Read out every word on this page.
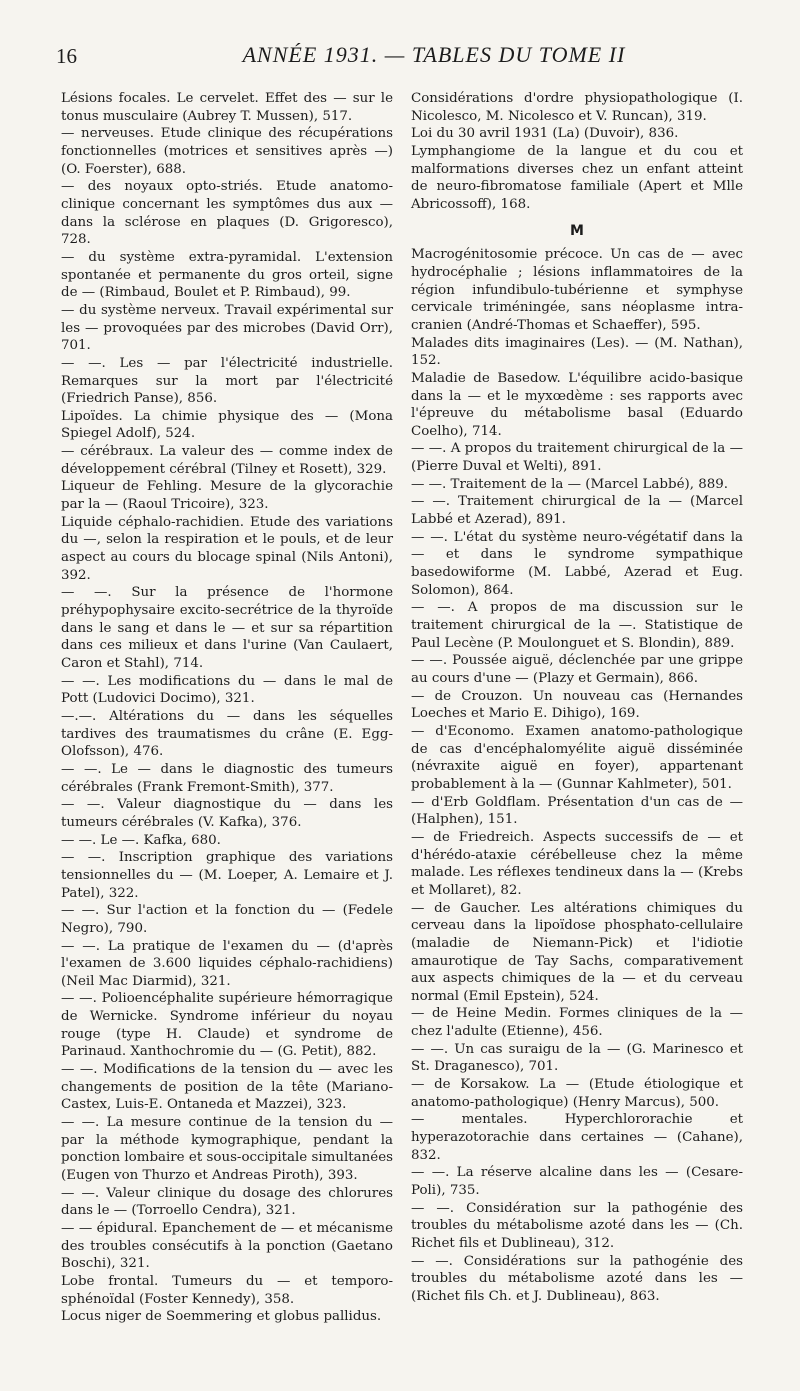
16	ANNÉE 1931. — TABLES DU TOME II

Lésions focales. Le cervelet. Effet des — sur le tonus musculaire (Aubrey T. Mussen), 517.

— nerveuses. Etude clinique des récupérations fonctionnelles (motrices et sensitives après —) (O. Foerster), 688.

— des noyaux opto-striés. Etude anatomo-clinique concernant les symptômes dus aux — dans la sclérose en plaques (D. Grigoresco), 728.

— du système extra-pyramidal. L'extension spontanée et permanente du gros orteil, signe de — (Rimbaud, Boulet et P. Rimbaud), 99.

— du système nerveux. Travail expérimental sur les — provoquées par des microbes (David Orr), 701.

— —. Les — par l'électricité industrielle. Remarques sur la mort par l'électricité (Friedrich Panse), 856.

Lipoïdes. La chimie physique des — (Mona Spiegel Adolf), 524.

— cérébraux. La valeur des — comme index de développement cérébral (Tilney et Rosett), 329.

Liqueur de Fehling. Mesure de la glycorachie par la — (Raoul Tricoire), 323.

Liquide céphalo-rachidien. Etude des variations du —, selon la respiration et le pouls, et de leur aspect au cours du blocage spinal (Nils Antoni), 392.

— —. Sur la présence de l'hormone préhypophysaire excito-secrétrice de la thyroïde dans le sang et dans le — et sur sa répartition dans ces milieux et dans l'urine (Van Caulaert, Caron et Stahl), 714.

— —. Les modifications du — dans le mal de Pott (Ludovici Docimo), 321.

—.—. Altérations du — dans les séquelles tardives des traumatismes du crâne (E. Egg-Olofsson), 476.

— —. Le — dans le diagnostic des tumeurs cérébrales (Frank Fremont-Smith), 377.

— —. Valeur diagnostique du — dans les tumeurs cérébrales (V. Kafka), 376.

— —. Le —. Kafka, 680.

— —. Inscription graphique des variations tensionnelles du — (M. Loeper, A. Lemaire et J. Patel), 322.

— —. Sur l'action et la fonction du — (Fedele Negro), 790.

— —. La pratique de l'examen du — (d'après l'examen de 3.600 liquides céphalo-rachidiens) (Neil Mac Diarmid), 321.

— —. Polioencéphalite supérieure hémorragique de Wernicke. Syndrome inférieur du noyau rouge (type H. Claude) et syndrome de Parinaud. Xanthochromie du — (G. Petit), 882.

— —. Modifications de la tension du — avec les changements de position de la tête (Mariano-Castex, Luis-E. Ontaneda et Mazzei), 323.

— —. La mesure continue de la tension du — par la méthode kymographique, pendant la ponction lombaire et sous-occipitale simultanées (Eugen von Thurzo et Andreas Piroth), 393.

— —. Valeur clinique du dosage des chlorures dans le — (Torroello Cendra), 321.

— — épidural. Epanchement de — et mécanisme des troubles consécutifs à la ponction (Gaetano Boschi), 321.

Lobe frontal. Tumeurs du — et temporo-sphénoïdal (Foster Kennedy), 358.

Locus niger de Soemmering et globus pallidus.

Considérations d'ordre physiopathologique (I. Nicolesco, M. Nicolesco et V. Runcan), 319.

Loi du 30 avril 1931 (La) (Duvoir), 836.

Lymphangiome de la langue et du cou et malformations diverses chez un enfant atteint de neuro-fibromatose familiale (Apert et Mlle Abricossoff), 168.

M

Macrogénitosomie précoce. Un cas de — avec hydrocéphalie ; lésions inflammatoires de la région infundibulo-tubérienne et symphyse cervicale triméningée, sans néoplasme intra-cranien (André-Thomas et Schaeffer), 595.

Malades dits imaginaires (Les). — (M. Nathan), 152.

Maladie de Basedow. L'équilibre acido-basique dans la — et le myxœdème : ses rapports avec l'épreuve du métabolisme basal (Eduardo Coelho), 714.

— —. A propos du traitement chirurgical de la — (Pierre Duval et Welti), 891.

— —. Traitement de la — (Marcel Labbé), 889.

— —. Traitement chirurgical de la — (Marcel Labbé et Azerad), 891.

— —. L'état du système neuro-végétatif dans la — et dans le syndrome sympathique basedowiforme (M. Labbé, Azerad et Eug. Solomon), 864.

— —. A propos de ma discussion sur le traitement chirurgical de la —. Statistique de Paul Lecène (P. Moulonguet et S. Blondin), 889.

— —. Poussée aiguë, déclenchée par une grippe au cours d'une — (Plazy et Germain), 866.

— de Crouzon. Un nouveau cas (Hernandes Loeches et Mario E. Dihigo), 169.

— d'Economo. Examen anatomo-pathologique de cas d'encéphalomyélite aiguë disséminée (névraxite aiguë en foyer), appartenant probablement à la — (Gunnar Kahlmeter), 501.

— d'Erb Goldflam. Présentation d'un cas de — (Halphen), 151.

— de Friedreich. Aspects successifs de — et d'hérédo-ataxie cérébelleuse chez la même malade. Les réflexes tendineux dans la — (Krebs et Mollaret), 82.

— de Gaucher. Les altérations chimiques du cerveau dans la lipoïdose phosphato-cellulaire (maladie de Niemann-Pick) et l'idiotie amaurotique de Tay Sachs, comparativement aux aspects chimiques de la — et du cerveau normal (Emil Epstein), 524.

— de Heine Medin. Formes cliniques de la — chez l'adulte (Etienne), 456.

— —. Un cas suraigu de la — (G. Marinesco et St. Draganesco), 701.

— de Korsakow. La — (Etude étiologique et anatomo-pathologique) (Henry Marcus), 500.

— mentales. Hyperchlororachie et hyperazotorachie dans certaines — (Cahane), 832.

— —. La réserve alcaline dans les — (Cesare-Poli), 735.

— —. Considération sur la pathogénie des troubles du métabolisme azoté dans les — (Ch. Richet fils et Dublineau), 312.

— —. Considérations sur la pathogénie des troubles du métabolisme azoté dans les — (Richet fils Ch. et J. Dublineau), 863.
